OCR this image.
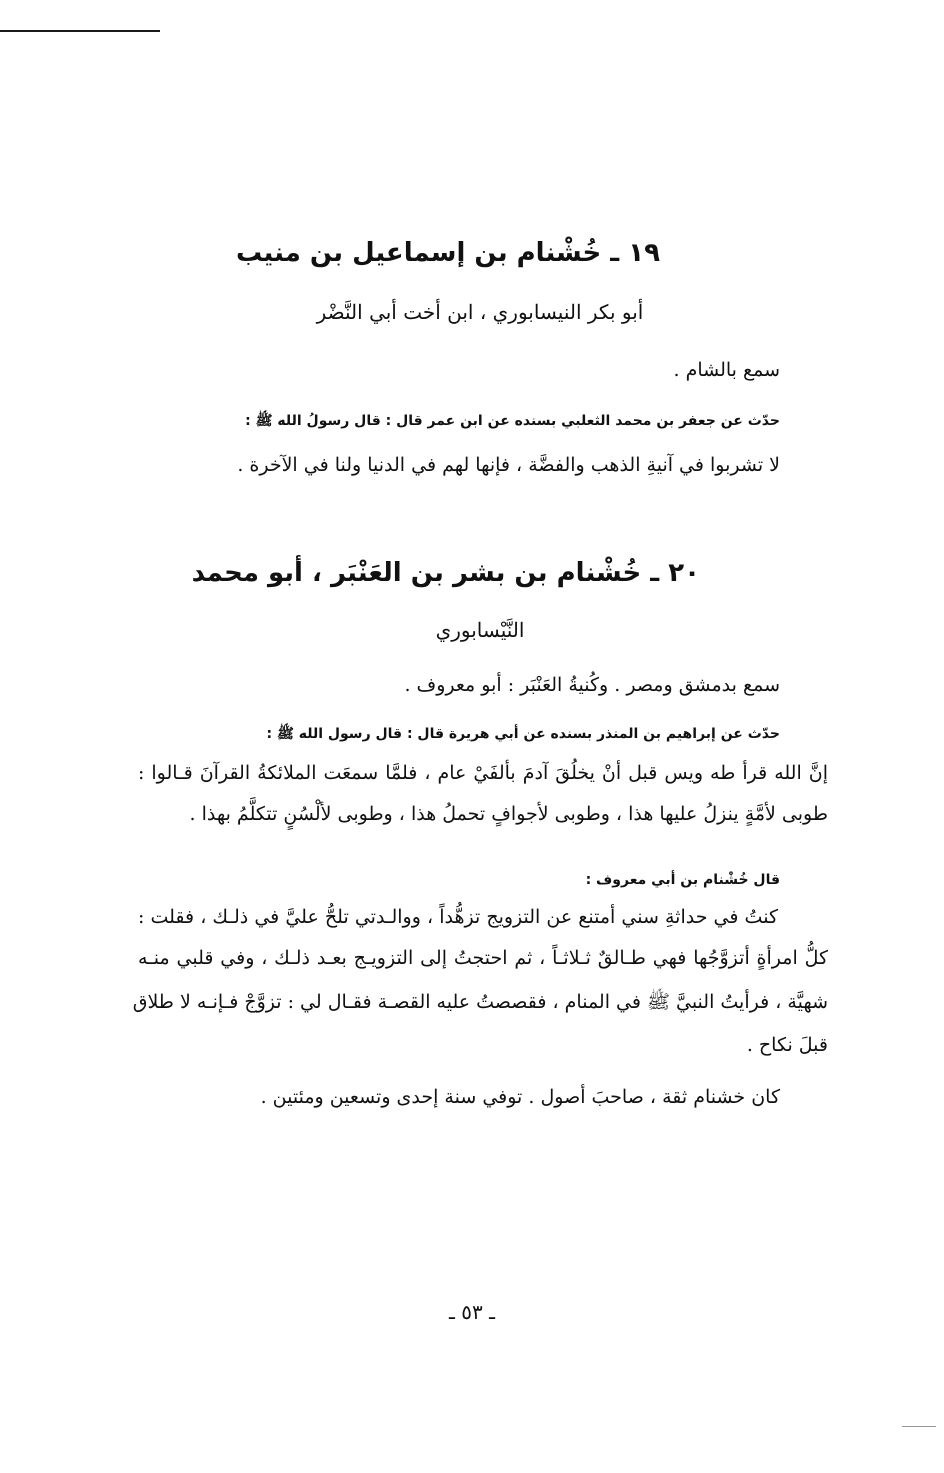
١٩ ـ خُشْنام بن إسماعيل بن منيب
أبو بكر النيسابوري ، ابن أخت أبي النَّضْر
سمع بالشام .
حدّث عن جعفر بن محمد الثعلبي بسنده عن ابن عمر قال : قال رسولُ الله ﷺ :
لا تشربوا في آنيةِ الذهب والفضَّة ، فإنها لهم في الدنيا ولنا في الآخرة .
٢٠ ـ خُشْنام بن بشر بن العَنْبَر ، أبو محمد
النَّيْسابوري
سمع بدمشق ومصر . وكُنيةُ العَنْبَر : أبو معروف .
حدّث عن إبراهيم بن المنذر بسنده عن أبي هريرة قال : قال رسول الله ﷺ :
إنَّ الله قرأ طه ويس قبل أنْ يخلُقَ آدمَ بألفَيْ عام ، فلمَّا سمعَت الملائكةُ القرآنَ قـالوا :
طوبى لأمَّةٍ ينزلُ عليها هذا ، وطوبى لأجوافٍ تحملُ هذا ، وطوبى لألْسُنٍ تتكلَّمُ بهذا .
قال خُشْنام بن أبي معروف :
كنتُ في حداثةِ سني أمتنع عن التزويج تزهُّداً ، ووالـدتي تلحُّ عليَّ في ذلـك ، فقلت :
كلُّ امرأةٍ أتزوَّجُها فهي طـالقٌ ثـلاثـاً ، ثم احتجتُ إلى التزويـج بعـد ذلـك ، وفي قلبي منـه
شهيَّة ، فرأيتُ النبيَّ ﷺ في المنام ، فقصصتُ عليه القصـة فقـال لي : تزوَّجْ فـإنـه لا طلاق
قبلَ نكاح .
كان خشنام ثقة ، صاحبَ أصول . توفي سنة إحدى وتسعين ومئتين .
ـ ٥٣ ـ
